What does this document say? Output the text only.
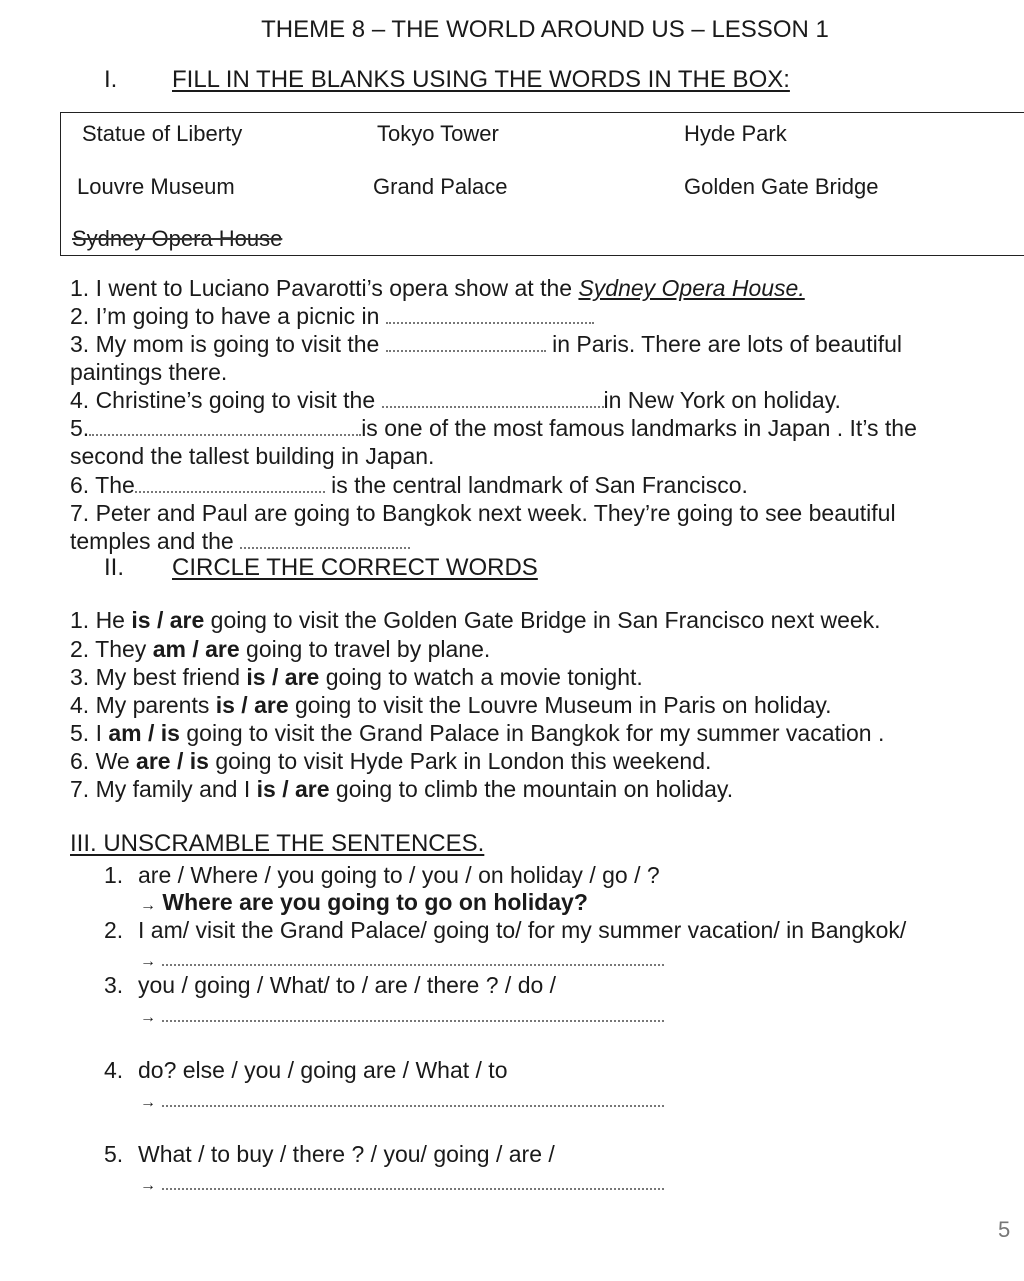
THEME 8 – THE WORLD AROUND US – LESSON 1
I. FILL IN THE BLANKS USING THE WORDS IN THE BOX:
Statue of Liberty	Tokyo Tower	Hyde Park
Louvre Museum	Grand Palace	Golden Gate Bridge
Sydney Opera House
1. I went to Luciano Pavarotti’s opera show at the Sydney Opera House.
2. I’m going to have a picnic in
3. My mom is going to visit the	in Paris. There are lots of beautiful
paintings there.
4. Christine’s going to visit the	in New York on holiday.
5.	is one of the most famous landmarks in Japan . It’s the
second the tallest building in Japan.
6. The	is the central landmark of San Francisco.
7. Peter and Paul are going to Bangkok next week. They’re going to see beautiful
temples and the
II. CIRCLE THE CORRECT WORDS
1. He is / are going to visit the Golden Gate Bridge in San Francisco next week.
2. They am / are going to travel by plane.
3. My best friend is / are going to watch a movie tonight.
4. My parents is / are going to visit the Louvre Museum in Paris on holiday.
5. I am / is going to visit the Grand Palace in Bangkok for my summer vacation .
6. We are / is going to visit Hyde Park in London this weekend.
7. My family and I is / are going to climb the mountain on holiday.
III. UNSCRAMBLE THE SENTENCES.
1. are / Where / you going to / you / on holiday / go / ?
→ Where are you going to go on holiday?
2. I am/ visit the Grand Palace/ going to/ for my summer vacation/ in Bangkok/
→
3. you / going / What/ to / are / there ? / do /
→
4. do? else / you / going are / What / to
→
5. What / to buy / there ? / you/ going / are /
→
5
